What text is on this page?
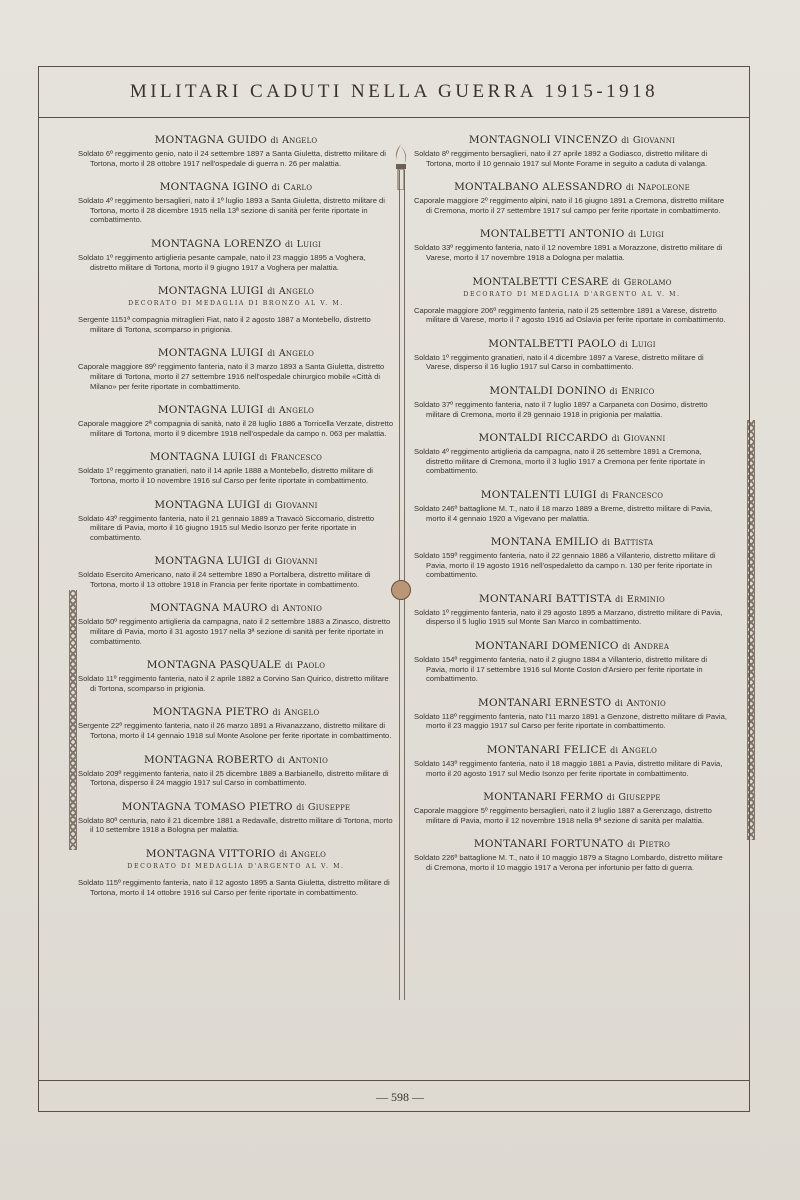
MILITARI CADUTI NELLA GUERRA 1915-1918

MONTAGNA GUIDO di Angelo

Soldato 6º reggimento genio, nato il 24 settembre 1897 a Santa Giuletta, distretto militare di Tortona, morto il 28 ottobre 1917 nell'ospedale di guerra n. 26 per malattia.

MONTAGNA IGINO di Carlo

Soldato 4º reggimento bersaglieri, nato il 1º luglio 1893 a Santa Giuletta, distretto militare di Tortona, morto il 28 dicembre 1915 nella 13ª sezione di sanità per ferite riportate in combattimento.

MONTAGNA LORENZO di Luigi

Soldato 1º reggimento artiglieria pesante campale, nato il 23 maggio 1895 a Voghera, distretto militare di Tortona, morto il 9 giugno 1917 a Voghera per malattia.

MONTAGNA LUIGI di Angelo

DECORATO DI MEDAGLIA DI BRONZO AL V. M.

Sergente 1151ª compagnia mitraglieri Fiat, nato il 2 agosto 1887 a Montebello, distretto militare di Tortona, scomparso in prigionia.

MONTAGNA LUIGI di Angelo

Caporale maggiore 89º reggimento fanteria, nato il 3 marzo 1893 a Santa Giuletta, distretto militare di Tortona, morto il 27 settembre 1916 nell'ospedale chirurgico mobile «Città di Milano» per ferite riportate in combattimento.

MONTAGNA LUIGI di Angelo

Caporale maggiore 2ª compagnia di sanità, nato il 28 luglio 1886 a Torricella Verzate, distretto militare di Tortona, morto il 9 dicembre 1918 nell'ospedale da campo n. 063 per malattia.

MONTAGNA LUIGI di Francesco

Soldato 1º reggimento granatieri, nato il 14 aprile 1888 a Montebello, distretto militare di Tortona, morto il 10 novembre 1916 sul Carso per ferite riportate in combattimento.

MONTAGNA LUIGI di Giovanni

Soldato 43º reggimento fanteria, nato il 21 gennaio 1889 a Travacò Siccomario, distretto militare di Pavia, morto il 16 giugno 1915 sul Medio Isonzo per ferite riportate in combattimento.

MONTAGNA LUIGI di Giovanni

Soldato Esercito Americano, nato il 24 settembre 1890 a Portalbera, distretto militare di Tortona, morto il 13 ottobre 1918 in Francia per ferite riportate in combattimento.

MONTAGNA MAURO di Antonio

Soldato 50º reggimento artiglieria da campagna, nato il 2 settembre 1883 a Zinasco, distretto militare di Pavia, morto il 31 agosto 1917 nella 3ª sezione di sanità per ferite riportate in combattimento.

MONTAGNA PASQUALE di Paolo

Soldato 11º reggimento fanteria, nato il 2 aprile 1882 a Corvino San Quirico, distretto militare di Tortona, scomparso in prigionia.

MONTAGNA PIETRO di Angelo

Sergente 22º reggimento fanteria, nato il 26 marzo 1891 a Rivanazzano, distretto militare di Tortona, morto il 14 gennaio 1918 sul Monte Asolone per ferite riportate in combattimento.

MONTAGNA ROBERTO di Antonio

Soldato 209º reggimento fanteria, nato il 25 dicembre 1889 a Barbianello, distretto militare di Tortona, disperso il 24 maggio 1917 sul Carso in combattimento.

MONTAGNA TOMASO PIETRO di Giuseppe

Soldato 80ª centuria, nato il 21 dicembre 1881 a Redavalle, distretto militare di Tortona, morto il 10 settembre 1918 a Bologna per malattia.

MONTAGNA VITTORIO di Angelo

DECORATO DI MEDAGLIA D'ARGENTO AL V. M.

Soldato 115º reggimento fanteria, nato il 12 agosto 1895 a Santa Giuletta, distretto militare di Tortona, morto il 14 ottobre 1916 sul Carso per ferite riportate in combattimento.

MONTAGNOLI VINCENZO di Giovanni

Soldato 8º reggimento bersaglieri, nato il 27 aprile 1892 a Godiasco, distretto militare di Tortona, morto il 10 gennaio 1917 sul Monte Forame in seguito a caduta di valanga.

MONTALBANO ALESSANDRO di Napoleone

Caporale maggiore 2º reggimento alpini, nato il 16 giugno 1891 a Cremona, distretto militare di Cremona, morto il 27 settembre 1917 sul campo per ferite riportate in combattimento.

MONTALBETTI ANTONIO di Luigi

Soldato 33º reggimento fanteria, nato il 12 novembre 1891 a Morazzone, distretto militare di Varese, morto il 17 novembre 1918 a Dologna per malattia.

MONTALBETTI CESARE di Gerolamo

DECORATO DI MEDAGLIA D'ARGENTO AL V. M.

Caporale maggiore 206º reggimento fanteria, nato il 25 settembre 1891 a Varese, distretto militare di Varese, morto il 7 agosto 1916 ad Oslavia per ferite riportate in combattimento.

MONTALBETTI PAOLO di Luigi

Soldato 1º reggimento granatieri, nato il 4 dicembre 1897 a Varese, distretto militare di Varese, disperso il 16 luglio 1917 sul Carso in combattimento.

MONTALDI DONINO di Enrico

Soldato 37º reggimento fanteria, nato il 7 luglio 1897 a Carpaneta con Dosimo, distretto militare di Cremona, morto il 29 gennaio 1918 in prigionia per malattia.

MONTALDI RICCARDO di Giovanni

Soldato 4º reggimento artiglieria da campagna, nato il 26 settembre 1891 a Cremona, distretto militare di Cremona, morto il 3 luglio 1917 a Cremona per ferite riportate in combattimento.

MONTALENTI LUIGI di Francesco

Soldato 246º battaglione M. T., nato il 18 marzo 1889 a Breme, distretto militare di Pavia, morto il 4 gennaio 1920 a Vigevano per malattia.

MONTANA EMILIO di Battista

Soldato 159º reggimento fanteria, nato il 22 gennaio 1886 a Villanterio, distretto militare di Pavia, morto il 19 agosto 1916 nell'ospedaletto da campo n. 130 per ferite riportate in combattimento.

MONTANARI BATTISTA di Erminio

Soldato 1º reggimento fanteria, nato il 29 agosto 1895 a Marzano, distretto militare di Pavia, disperso il 5 luglio 1915 sul Monte San Marco in combattimento.

MONTANARI DOMENICO di Andrea

Soldato 154º reggimento fanteria, nato il 2 giugno 1884 a Villanterio, distretto militare di Pavia, morto il 17 settembre 1916 sul Monte Coston d'Arsiero per ferite riportate in combattimento.

MONTANARI ERNESTO di Antonio

Soldato 118º reggimento fanteria, nato l'11 marzo 1891 a Genzone, distretto militare di Pavia, morto il 23 maggio 1917 sul Carso per ferite riportate in combattimento.

MONTANARI FELICE di Angelo

Soldato 143º reggimento fanteria, nato il 18 maggio 1881 a Pavia, distretto militare di Pavia, morto il 20 agosto 1917 sul Medio Isonzo per ferite riportate in combattimento.

MONTANARI FERMO di Giuseppe

Caporale maggiore 5º reggimento bersaglieri, nato il 2 luglio 1887 a Gerenzago, distretto militare di Pavia, morto il 12 novembre 1918 nella 9ª sezione di sanità per malattia.

MONTANARI FORTUNATO di Pietro

Soldato 226º battaglione M. T., nato il 10 maggio 1879 a Stagno Lombardo, distretto militare di Cremona, morto il 10 maggio 1917 a Verona per infortunio per fatto di guerra.

— 598 —
